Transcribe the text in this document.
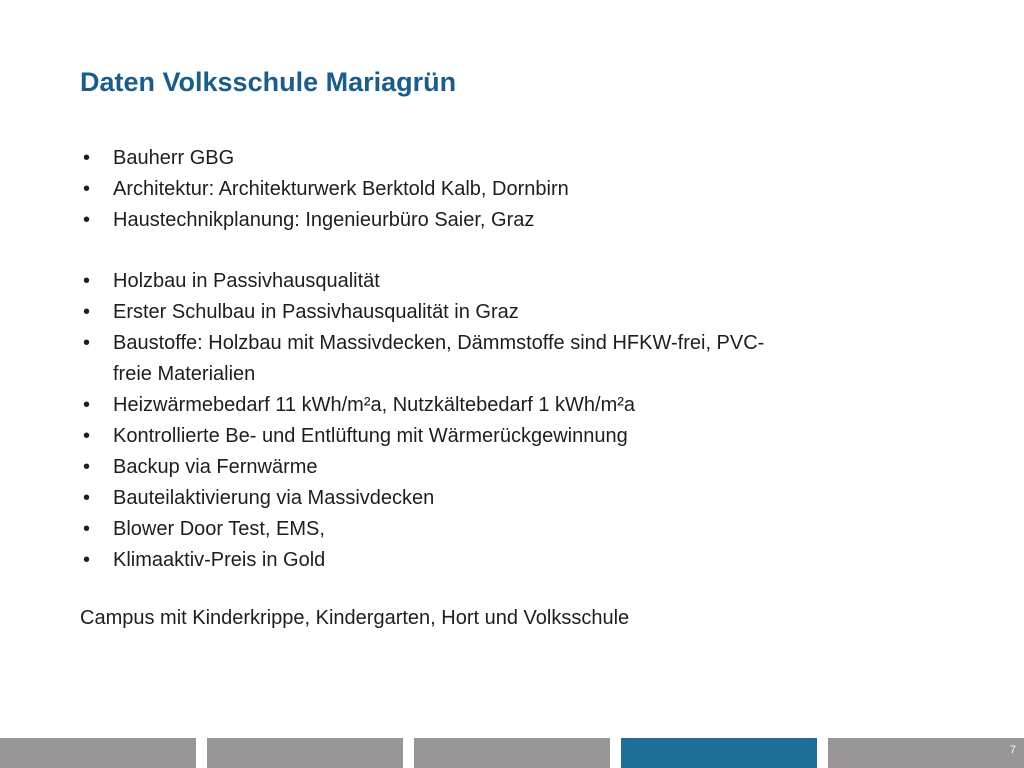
Daten Volksschule Mariagrün
•	Bauherr GBG
•	Architektur: Architekturwerk Berktold Kalb, Dornbirn
•	Haustechnikplanung: Ingenieurbüro Saier, Graz
•	Holzbau in Passivhausqualität
•	Erster Schulbau in Passivhausqualität in Graz
•	Baustoffe: Holzbau mit Massivdecken, Dämmstoffe sind HFKW-frei, PVC-
freie Materialien
•	Heizwärmebedarf 11 kWh/m²a, Nutzkältebedarf 1 kWh/m²a
•	Kontrollierte Be- und Entlüftung mit Wärmerückgewinnung
•	Backup via Fernwärme
•	Bauteilaktivierung via Massivdecken
•	Blower Door Test, EMS,
•	Klimaaktiv-Preis in Gold

Campus mit Kinderkrippe, Kindergarten, Hort und Volksschule

7
